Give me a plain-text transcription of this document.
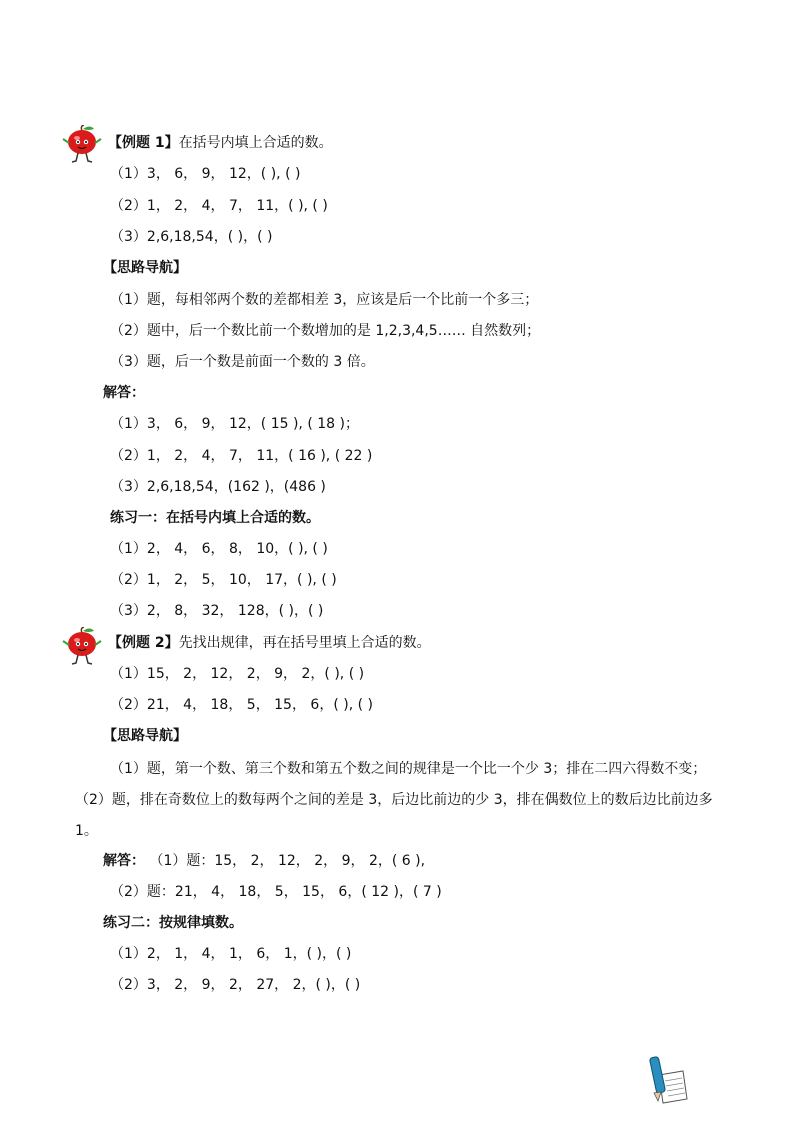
【例题 1】在括号内填上合适的数。
（1）3， 6， 9， 12，( ), ( )
（2）1， 2， 4， 7， 11，( ), ( )
（3）2,6,18,54，( )，( )
【思路导航】
（1）题，每相邻两个数的差都相差 3，应该是后一个比前一个多三；
（2）题中，后一个数比前一个数增加的是 1,2,3,4,5…… 自然数列；
（3）题，后一个数是前面一个数的 3 倍。
解答：
（1）3， 6， 9， 12，( 15 ), ( 18 )；
（2）1， 2， 4， 7， 11，( 16 ), ( 22 )
（3）2,6,18,54，(162 )，(486 )
练习一：在括号内填上合适的数。
（1）2， 4， 6， 8， 10，( ), ( )
（2）1， 2， 5， 10， 17，( ), ( )
（3）2， 8， 32， 128，( )，( )
【例题 2】先找出规律，再在括号里填上合适的数。
（1）15， 2， 12， 2， 9， 2，( ), ( )
（2）21， 4， 18， 5， 15， 6，( ), ( )
【思路导航】
（1）题，第一个数、第三个数和第五个数之间的规律是一个比一个少 3；排在二四六得数不变；（2）题，排在奇数位上的数每两个之间的差是 3，后边比前边的少 3，排在偶数位上的数后边比前边多 1。
解答： （1）题：15， 2， 12， 2， 9， 2，( 6 ),
（2）题：21， 4， 18， 5， 15， 6，( 12 )，( 7 )
练习二：按规律填数。
（1）2， 1， 4， 1， 6， 1，( )，( )
（2）3， 2， 9， 2， 27， 2，( )，( )
